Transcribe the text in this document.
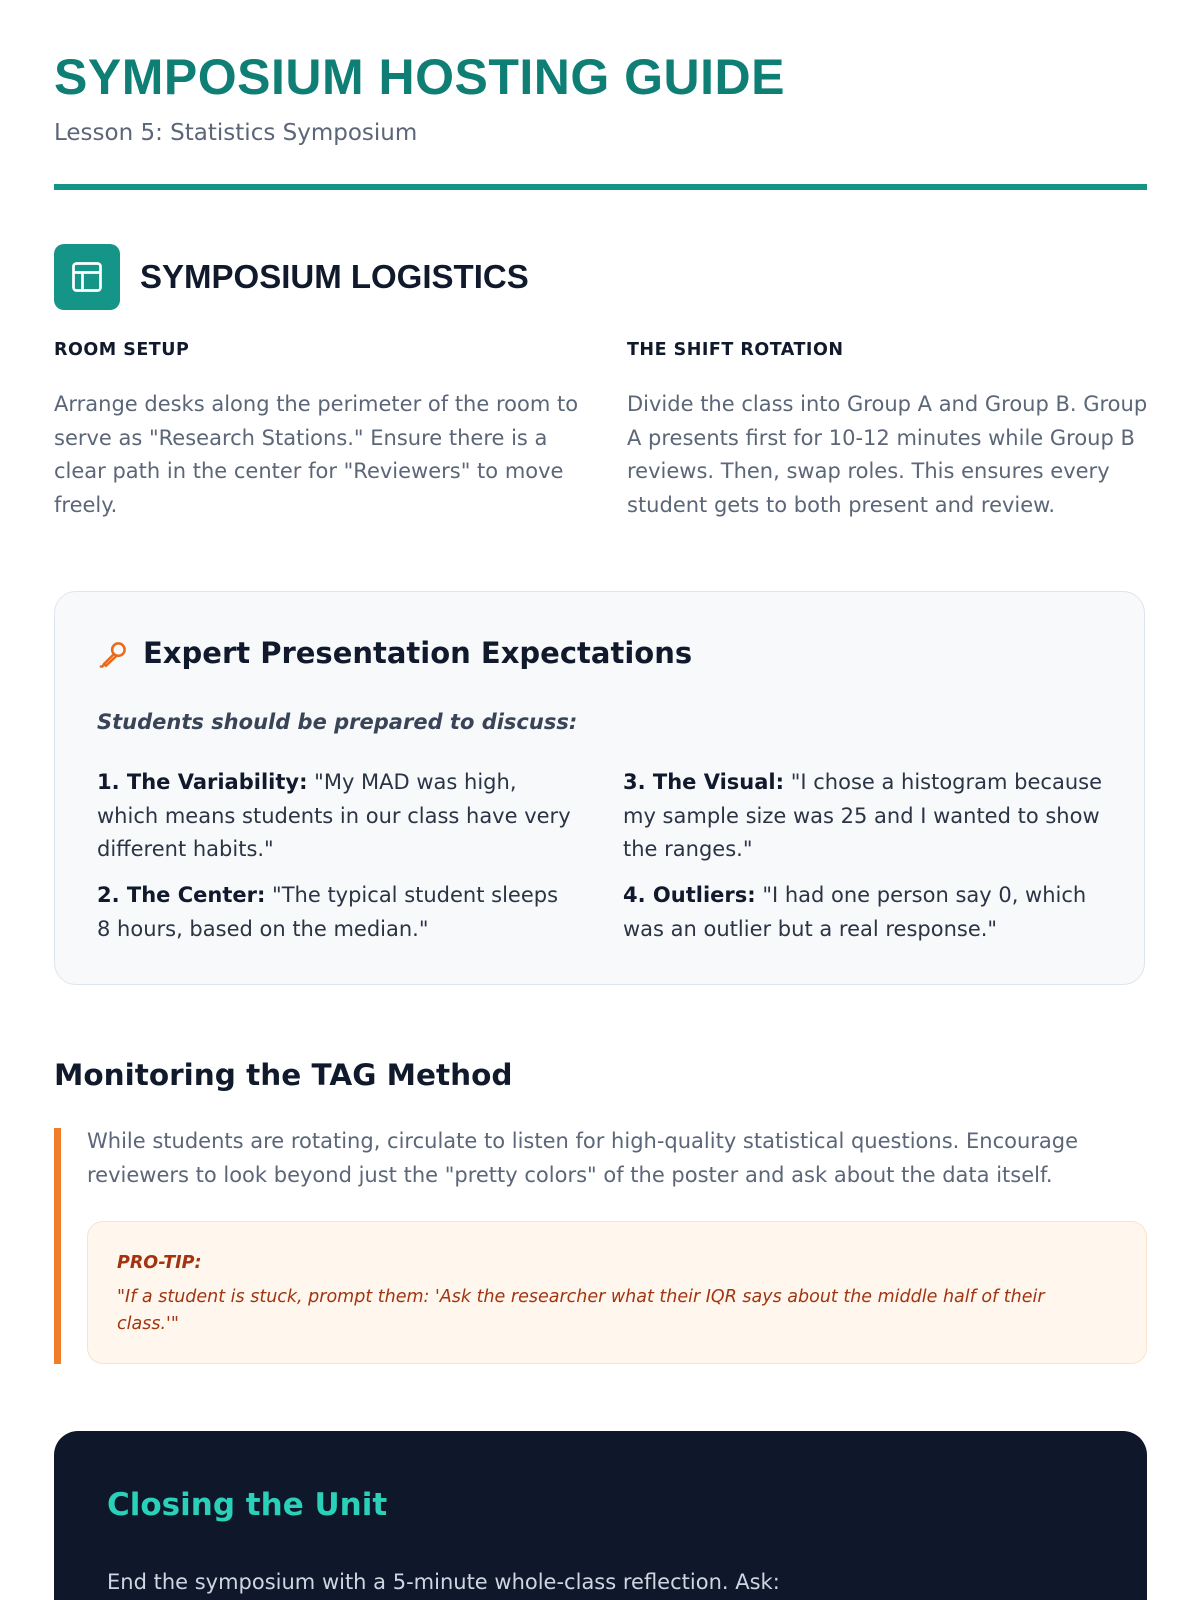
SYMPOSIUM HOSTING GUIDE
Lesson 5: Statistics Symposium
SYMPOSIUM LOGISTICS
ROOM SETUP

Arrange desks along the perimeter of the room to serve as "Research Stations." Ensure there is a clear path in the center for "Reviewers" to move freely.

THE SHIFT ROTATION

Divide the class into Group A and Group B. Group A presents first for 10-12 minutes while Group B reviews. Then, swap roles. This ensures every student gets to both present and review.

Expert Presentation Expectations
Students should be prepared to discuss:

1. The Variability: "My MAD was high, which means students in our class have very different habits."

2. The Center: "The typical student sleeps 8 hours, based on the median."

3. The Visual: "I chose a histogram because my sample size was 25 and I wanted to show the ranges."

4. Outliers: "I had one person say 0, which was an outlier but a real response."

Monitoring the TAG Method

While students are rotating, circulate to listen for high-quality statistical questions. Encourage reviewers to look beyond just the "pretty colors" of the poster and ask about the data itself.

PRO-TIP:

"If a student is stuck, prompt them: 'Ask the researcher what their IQR says about the middle half of their class.'"

Closing the Unit
End the symposium with a 5-minute whole-class reflection. Ask:
